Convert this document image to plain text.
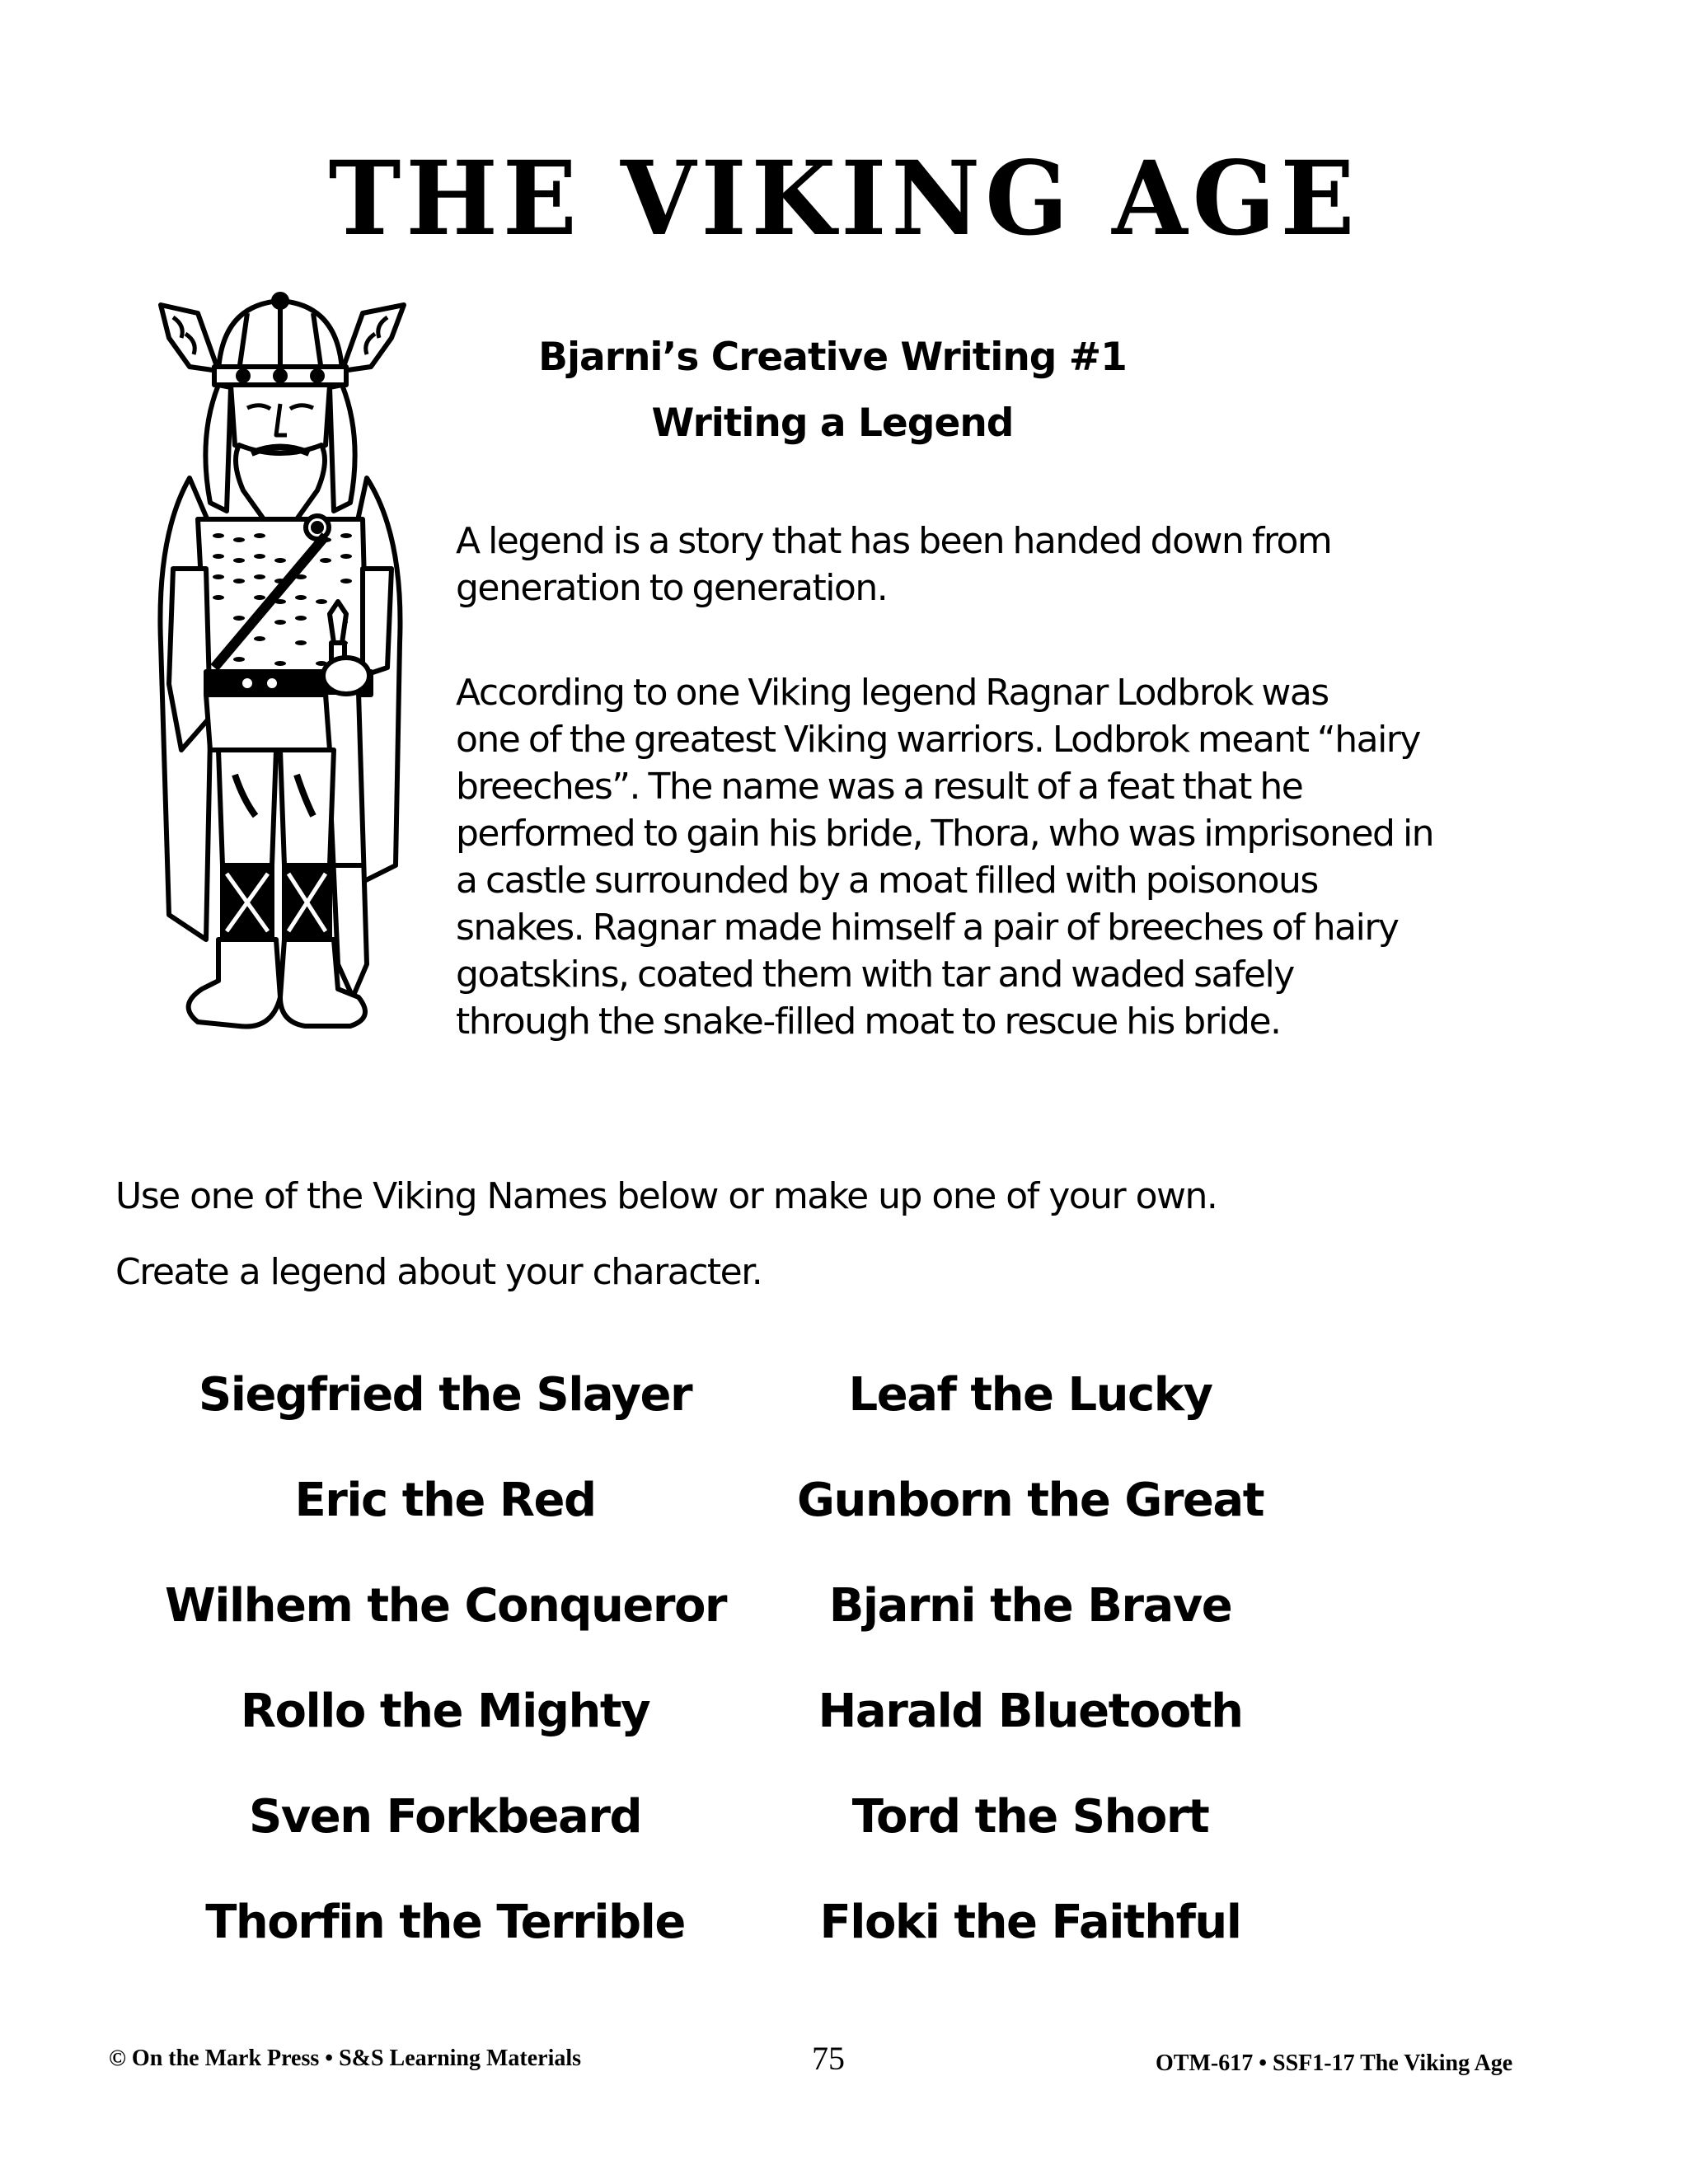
THE VIKING AGE
Bjarni’s Creative Writing #1
Writing a Legend
A legend is a story that has been handed down from
generation to generation.
According to one Viking legend Ragnar Lodbrok was
one of the greatest Viking warriors. Lodbrok meant “hairy
breeches”. The name was a result of a feat that he
performed to gain his bride, Thora, who was imprisoned in
a castle surrounded by a moat filled with poisonous
snakes. Ragnar made himself a pair of breeches of hairy
goatskins, coated them with tar and waded safely
through the snake-filled moat to rescue his bride.
Use one of the Viking Names below or make up one of your own.
Create a legend about your character.
Siegfried the Slayer	Leaf the Lucky
Eric the Red	Gunborn the Great
Wilhem the Conqueror	Bjarni the Brave
Rollo the Mighty	Harald Bluetooth
Sven Forkbeard	Tord the Short
Thorfin the Terrible	Floki the Faithful
© On the Mark Press • S&S Learning Materials	75	OTM-617 • SSF1-17 The Viking Age
